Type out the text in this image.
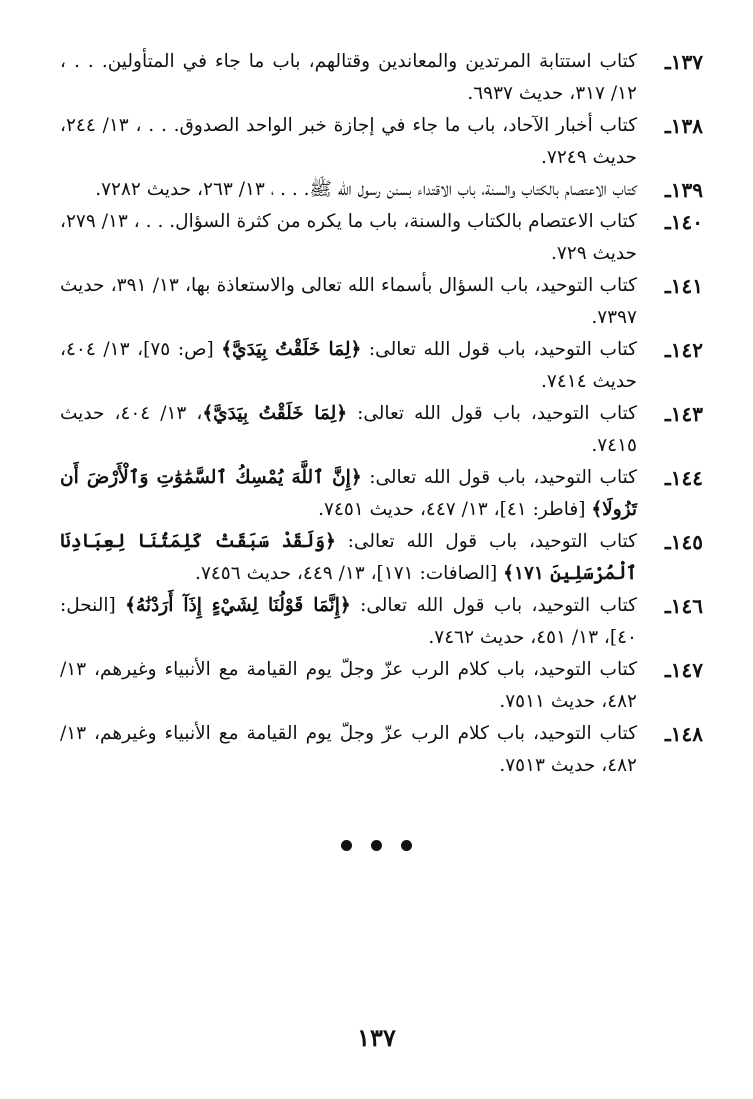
١٣٧ـ
كتاب استتابة المرتدين والمعاندين وقتالهم، باب ما جاء في المتأولين. . . ، ١٢/ ٣١٧، حديث ٦٩٣٧.
١٣٨ـ
كتاب أخبار الآحاد، باب ما جاء في إجازة خبر الواحد الصدوق. . . ، ١٣/ ٢٤٤، حديث ٧٢٤٩.
١٣٩ـ
كتاب الاعتصام بالكتاب والسنة، باب الاقتداء بسنن رسول الله ﷺ. . . ، ١٣/ ٢٦٣، حديث ٧٢٨٢.
١٤٠ـ
كتاب الاعتصام بالكتاب والسنة، باب ما يكره من كثرة السؤال. . . ، ١٣/ ٢٧٩، حديث ٧٢٩.
١٤١ـ
كتاب التوحيد، باب السؤال بأسماء الله تعالى والاستعاذة بها، ١٣/ ٣٩١، حديث ٧٣٩٧.
١٤٢ـ
كتاب التوحيد، باب قول الله تعالى: ﴿لِمَا خَلَقْتُ بِيَدَيَّ﴾ [ص: ٧٥]، ١٣/ ٤٠٤، حديث ٧٤١٤.
١٤٣ـ
كتاب التوحيد، باب قول الله تعالى: ﴿لِمَا خَلَقْتُ بِيَدَيَّ﴾، ١٣/ ٤٠٤، حديث ٧٤١٥.
١٤٤ـ
كتاب التوحيد، باب قول الله تعالى: ﴿إِنَّ ٱللَّهَ يُمْسِكُ ٱلسَّمَٰوَٰتِ وَٱلْأَرْضَ أَن تَزُولَا﴾ [فاطر: ٤١]، ١٣/ ٤٤٧، حديث ٧٤٥١.
١٤٥ـ
كتاب التوحيد، باب قول الله تعالى: ﴿وَلَقَدْ سَبَقَتْ كَلِمَتُنَا لِعِبَادِنَا ٱلْمُرْسَلِينَ ١٧١﴾ [الصافات: ١٧١]، ١٣/ ٤٤٩، حديث ٧٤٥٦.
١٤٦ـ
كتاب التوحيد، باب قول الله تعالى: ﴿إِنَّمَا قَوْلُنَا لِشَيْءٍ إِذَآ أَرَدْنَٰهُ﴾ [النحل: ٤٠]، ١٣/ ٤٥١، حديث ٧٤٦٢.
١٤٧ـ
كتاب التوحيد، باب كلام الرب عزّ وجلّ يوم القيامة مع الأنبياء وغيرهم، ١٣/ ٤٨٢، حديث ٧٥١١.
١٤٨ـ
كتاب التوحيد، باب كلام الرب عزّ وجلّ يوم القيامة مع الأنبياء وغيرهم، ١٣/ ٤٨٢، حديث ٧٥١٣.

١٣٧
